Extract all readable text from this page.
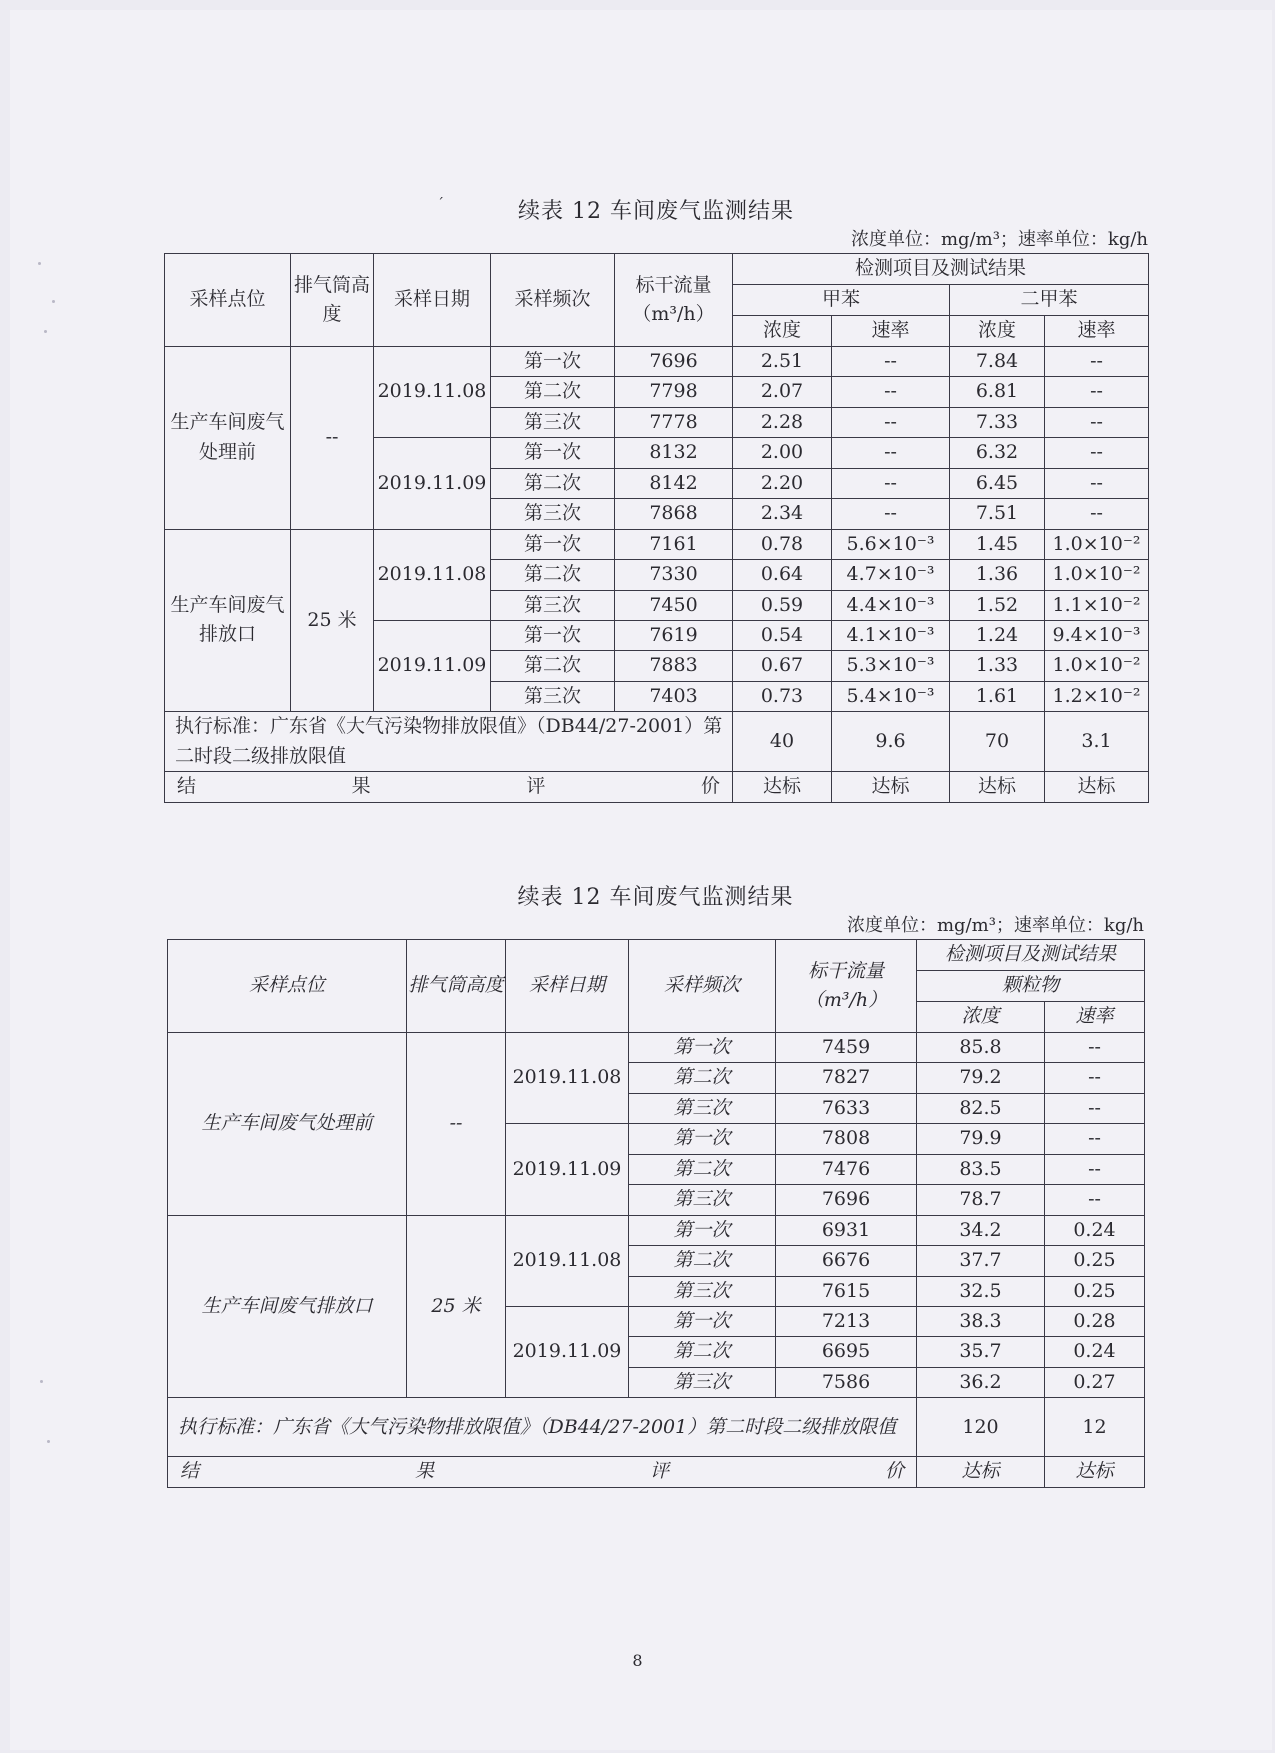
ˊ	续表 12 车间废气监测结果
浓度单位：mg/m³；速率单位：kg/h
采样点位	排气筒高度	采样日期	采样频次	标干流量（m³/h）	检测项目及测试结果			
					甲苯		二甲苯	
					浓度	速率	浓度	速率
生产车间废气处理前	--	2019.11.08	第一次	7696	2.51	--	7.84	--
			第二次	7798	2.07	--	6.81	--
			第三次	7778	2.28	--	7.33	--
		2019.11.09	第一次	8132	2.00	--	6.32	--
			第二次	8142	2.20	--	6.45	--
			第三次	7868	2.34	--	7.51	--
生产车间废气排放口	25 米	2019.11.08	第一次	7161	0.78	5.6×10⁻³	1.45	1.0×10⁻²
			第二次	7330	0.64	4.7×10⁻³	1.36	1.0×10⁻²
			第三次	7450	0.59	4.4×10⁻³	1.52	1.1×10⁻²
		2019.11.09	第一次	7619	0.54	4.1×10⁻³	1.24	9.4×10⁻³
			第二次	7883	0.67	5.3×10⁻³	1.33	1.0×10⁻²
			第三次	7403	0.73	5.4×10⁻³	1.61	1.2×10⁻²
执行标准：广东省《大气污染物排放限值》（DB44/27-2001）第二时段二级排放限值					40	9.6	70	3.1

结 果 评 价					达标	达标	达标	达标
续表 12 车间废气监测结果
浓度单位：mg/m³；速率单位：kg/h
采样点位	排气筒高度	采样日期	采样频次	标干流量（m³/h）	检测项目及测试结果	
					颗粒物	
					浓度	速率
生产车间废气处理前	--	2019.11.08	第一次	7459	85.8	--
			第二次	7827	79.2	--
			第三次	7633	82.5	--
		2019.11.09	第一次	7808	79.9	--
			第二次	7476	83.5	--
			第三次	7696	78.7	--
生产车间废气排放口	25 米	2019.11.08	第一次	6931	34.2	0.24
			第二次	6676	37.7	0.25
			第三次	7615	32.5	0.25
		2019.11.09	第一次	7213	38.3	0.28
			第二次	6695	35.7	0.24
			第三次	7586	36.2	0.27
执行标准：广东省《大气污染物排放限值》（DB44/27-2001）第二时段二级排放限值					120	12

结 果 评 价					达标	达标
8
